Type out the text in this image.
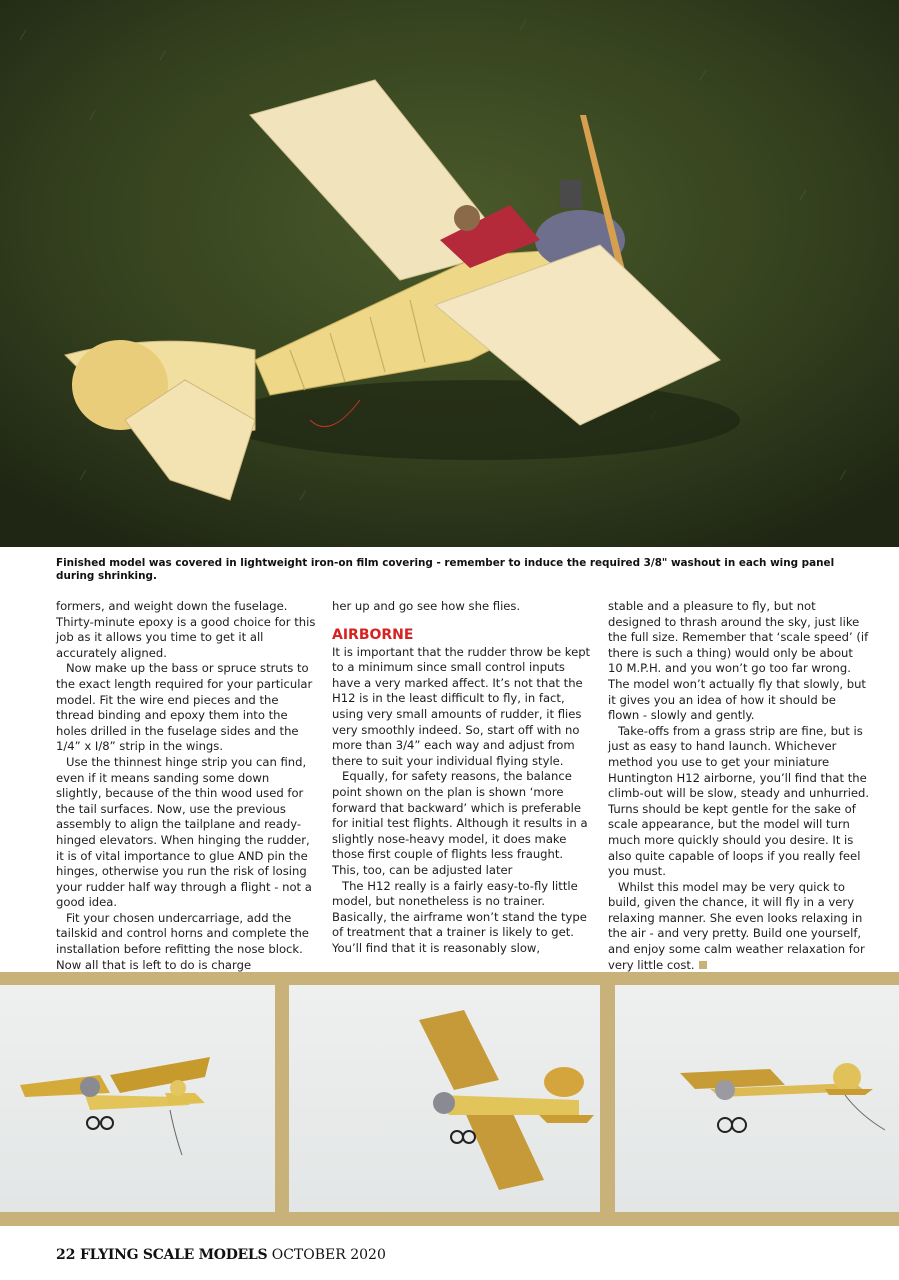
Finished model was covered in lightweight iron-on film covering - remember to induce the required 3/8" washout in each wing panel during shrinking.

formers, and weight down the fuselage. Thirty-minute epoxy is a good choice for this job as it allows you time to get it all accurately aligned.

Now make up the bass or spruce struts to the exact length required for your particular model. Fit the wire end pieces and the thread binding and epoxy them into the holes drilled in the fuselage sides and the 1/4” x I/8” strip in the wings.

Use the thinnest hinge strip you can find, even if it means sanding some down slightly, because of the thin wood used for the tail surfaces. Now, use the previous assembly to align the tailplane and ready-hinged elevators. When hinging the rudder, it is of vital importance to glue AND pin the hinges, otherwise you run the risk of losing your rudder half way through a flight - not a good idea.

Fit your chosen undercarriage, add the tailskid and control horns and complete the installation before refitting the nose block. Now all that is left to do is charge

her up and go see how she flies.

AIRBORNE

It is important that the rudder throw be kept to a minimum since small control inputs have a very marked affect. It’s not that the H12 is in the least difficult to fly, in fact, using very small amounts of rudder, it flies very smoothly indeed. So, start off with no more than 3/4” each way and adjust from there to suit your individual flying style.

Equally, for safety reasons, the balance point shown on the plan is shown ‘more forward that backward’ which is preferable for initial test flights. Although it results in a slightly nose-heavy model, it does make those first couple of flights less fraught. This, too, can be adjusted later

The H12 really is a fairly easy-to-fly little model, but nonetheless is no trainer. Basically, the airframe won’t stand the type of treatment that a trainer is likely to get. You’ll find that it is reasonably slow,

stable and a pleasure to fly, but not designed to thrash around the sky, just like the full size. Remember that ‘scale speed’ (if there is such a thing) would only be about 10 M.P.H. and you won’t go too far wrong. The model won’t actually fly that slowly, but it gives you an idea of how it should be flown - slowly and gently.

Take-offs from a grass strip are fine, but is just as easy to hand launch. Whichever method you use to get your miniature Huntington H12 airborne, you’ll find that the climb-out will be slow, steady and unhurried. Turns should be kept gentle for the sake of scale appearance, but the model will turn much more quickly should you desire. It is also quite capable of loops if you really feel you must.

Whilst this model may be very quick to build, given the chance, it will fly in a very relaxing manner. She even looks relaxing in the air - and very pretty. Build one yourself, and enjoy some calm weather relaxation for very little cost.

22 FLYING SCALE MODELS OCTOBER 2020
